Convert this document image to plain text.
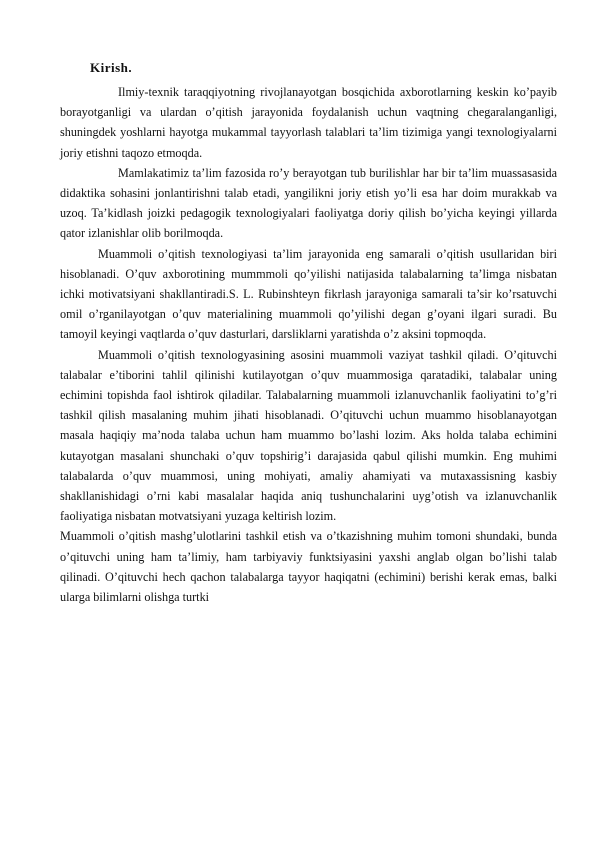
Kirish.

Ilmiy-texnik taraqqiyotning rivojlanayotgan bosqichida axborotlarning keskin ko’payib borayotganligi va ulardan o’qitish jarayonida foydalanish uchun vaqtning chegaralanganligi, shuningdek yoshlarni hayotga mukammal tayyorlash talablari ta’lim tizimiga yangi texnologiyalarni joriy etishni taqozo etmoqda.

Mamlakatimiz ta’lim fazosida ro’y berayotgan tub burilishlar har bir ta’lim muassasasida didaktika sohasini jonlantirishni talab etadi, yangilikni joriy etish yo’li esa har doim murakkab va uzoq. Ta’kidlash joizki pedagogik texnologiyalari faoliyatga doriy qilish bo’yicha keyingi yillarda qator izlanishlar olib borilmoqda.

Muammoli o’qitish texnologiyasi ta’lim jarayonida eng samarali o’qitish usullaridan biri hisoblanadi. O’quv axborotining mummmoli qo’yilishi natijasida talabalarning ta’limga nisbatan ichki motivatsiyani shakllantiradi.S. L. Rubinshteyn fikrlash jarayoniga samarali ta’sir ko’rsatuvchi omil o’rganilayotgan o’quv materialining muammoli qo’yilishi degan g’oyani ilgari suradi. Bu tamoyil keyingi vaqtlarda o’quv dasturlari, darsliklarni yaratishda o’z aksini topmoqda.

Muammoli o’qitish texnologyasining asosini muammoli vaziyat tashkil qiladi. O’qituvchi talabalar e’tiborini tahlil qilinishi kutilayotgan o’quv muammosiga qaratadiki, talabalar uning echimini topishda faol ishtirok qiladilar. Talabalarning muammoli izlanuvchanlik faoliyatini to’g’ri tashkil qilish masalaning muhim jihati hisoblanadi. O’qituvchi uchun muammo hisoblanayotgan masala haqiqiy ma’noda talaba uchun ham muammo bo’lashi lozim. Aks holda talaba echimini kutayotgan masalani shunchaki o’quv topshirig’i darajasida qabul qilishi mumkin. Eng muhimi talabalarda o’quv muammosi, uning mohiyati, amaliy ahamiyati va mutaxassisning kasbiy shakllanishidagi o’rni kabi masalalar haqida aniq tushunchalarini uyg’otish va izlanuvchanlik faoliyatiga nisbatan motvatsiyani yuzaga keltirish lozim.

Muammoli o’qitish mashg’ulotlarini tashkil etish va o’tkazishning muhim tomoni shundaki, bunda o’qituvchi uning ham ta’limiy, ham tarbiyaviy funktsiyasini yaxshi anglab olgan bo’lishi talab qilinadi. O’qituvchi hech qachon talabalarga tayyor haqiqatni (echimini) berishi kerak emas, balki ularga bilimlarni olishga turtki
